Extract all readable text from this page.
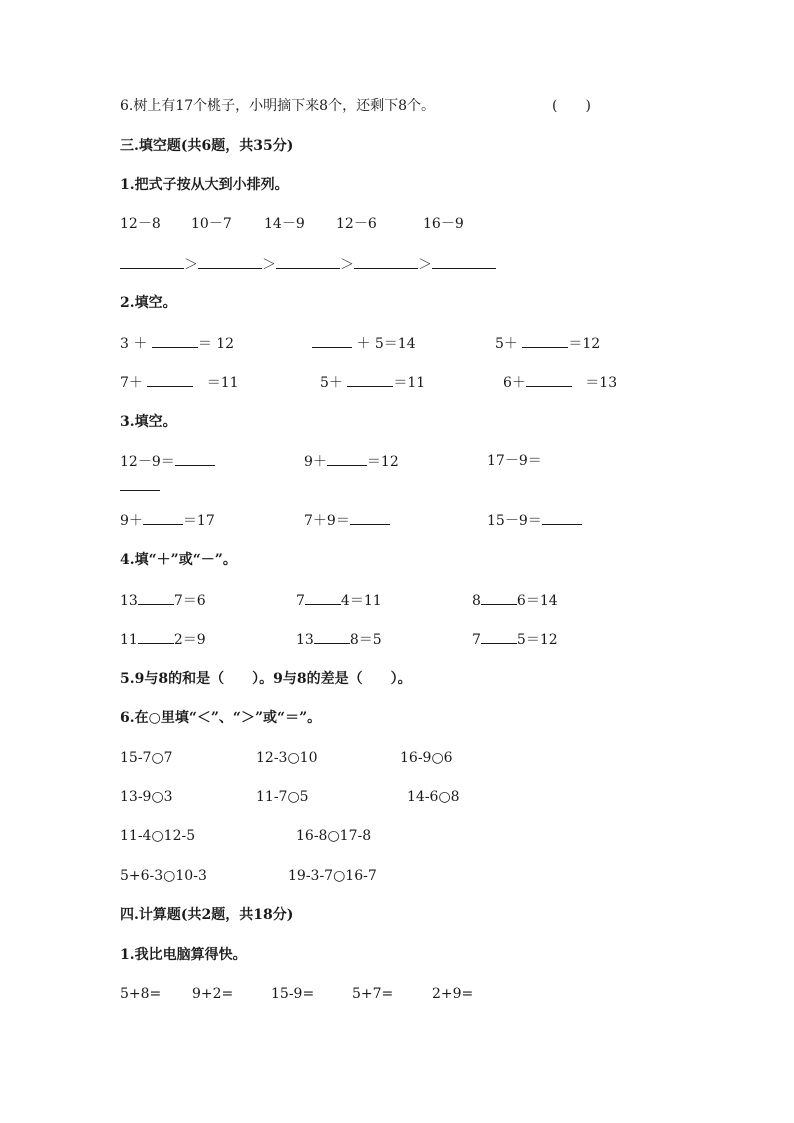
6.树上有17个桃子，小明摘下来8个，还剩下8个。	(　　)
三.填空题(共6题，共35分)
1.把式子按从大到小排列。
12－8 10－7 14－9 12－6	16－9
＞	＞	＞	＞
2.填空。
3 ＋	＝ 12	＋ 5＝14	5＋	＝12
7＋	＝11	5＋	＝11	6＋	＝13
3.填空。
12－9＝	9＋	＝12	17－9＝
9＋	＝17	7＋9＝	15－9＝
4.填“＋”或“－”。
13	7＝6	7	4＝11	8	6＝14
11	2＝9	13	8＝5	7	5＝12
5.9与8的和是（　　）。9与8的差是（　　）。
6.在○里填“＜”、“＞”或“＝”。
15-7○7	12-3○10	16-9○6
13-9○3	11-7○5	14-6○8
11-4○12-5	16-8○17-8
5+6-3○10-3	19-3-7○16-7
四.计算题(共2题，共18分)
1.我比电脑算得快。
5+8= 9+2=	15-9=	5+7=	2+9=
